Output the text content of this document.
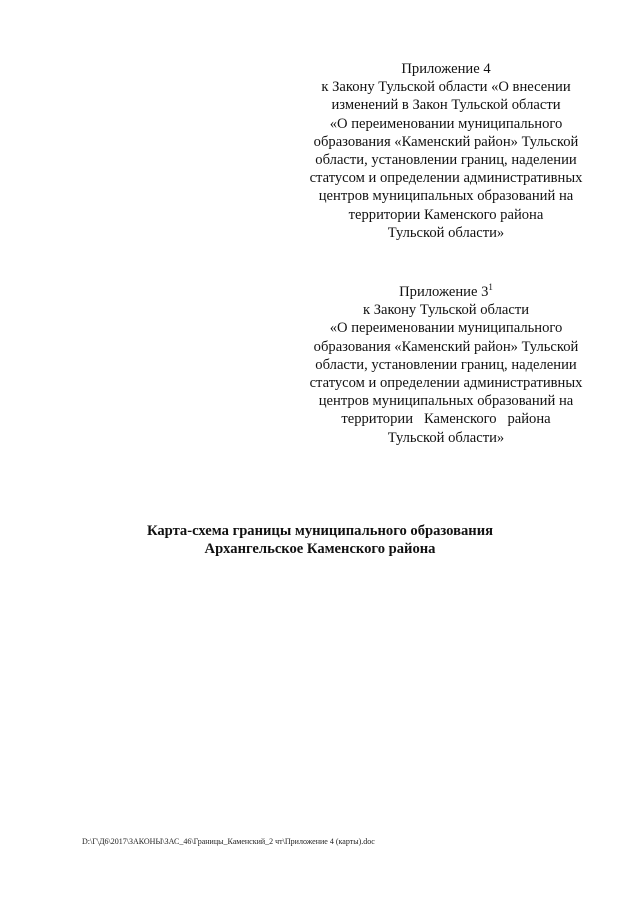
Приложение 4
к Закону Тульской области «О внесении
изменений в Закон Тульской области
«О переименовании муниципального
образования «Каменский район» Тульской
области, установлении границ, наделении
статусом и определении административных
центров муниципальных образований на
территории Каменского района
Тульской области»
Приложение $3^1$
к Закону Тульской области
«О переименовании муниципального
образования «Каменский район» Тульской
области, установлении границ, наделении
статусом и определении административных
центров муниципальных образований на
территории   Каменского   района
Тульской области»
Карта-схема границы муниципального образования
Архангельское Каменского района
D:\Г\Д6\2017\ЗАКОНЫ\ЗАС_46\Границы_Каменский_2 чт\Приложение 4 (карты).doc
